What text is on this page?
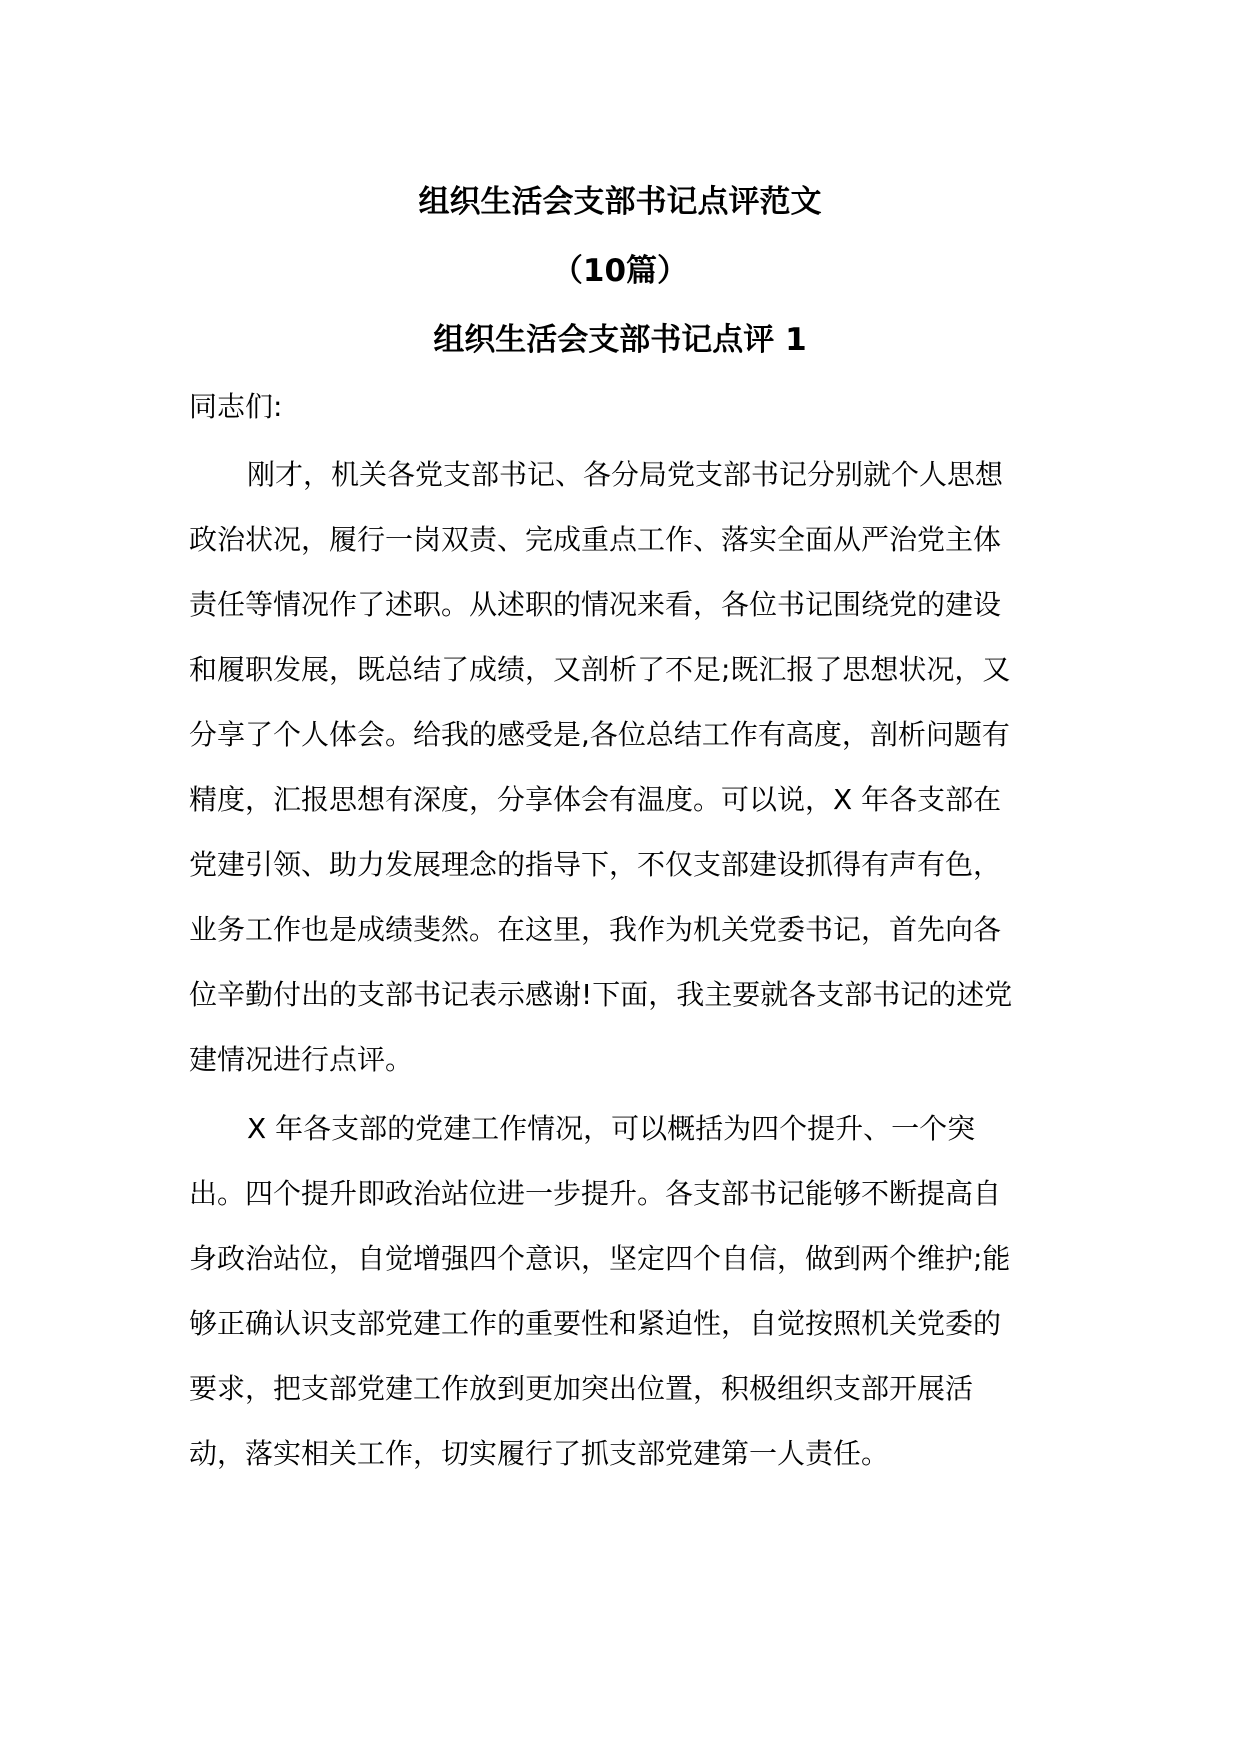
组织生活会支部书记点评范文
（10篇）
组织生活会支部书记点评 1
同志们:
刚才，机关各党支部书记、各分局党支部书记分别就个人思想
政治状况，履行一岗双责、完成重点工作、落实全面从严治党主体
责任等情况作了述职。从述职的情况来看，各位书记围绕党的建设
和履职发展，既总结了成绩，又剖析了不足;既汇报了思想状况，又
分享了个人体会。给我的感受是,各位总结工作有高度，剖析问题有
精度，汇报思想有深度，分享体会有温度。可以说，X 年各支部在
党建引领、助力发展理念的指导下，不仅支部建设抓得有声有色，
业务工作也是成绩斐然。在这里，我作为机关党委书记，首先向各
位辛勤付出的支部书记表示感谢!下面，我主要就各支部书记的述党
建情况进行点评。
X 年各支部的党建工作情况，可以概括为四个提升、一个突
出。四个提升即政治站位进一步提升。各支部书记能够不断提高自
身政治站位，自觉增强四个意识，坚定四个自信，做到两个维护;能
够正确认识支部党建工作的重要性和紧迫性，自觉按照机关党委的
要求，把支部党建工作放到更加突出位置，积极组织支部开展活
动，落实相关工作，切实履行了抓支部党建第一人责任。
